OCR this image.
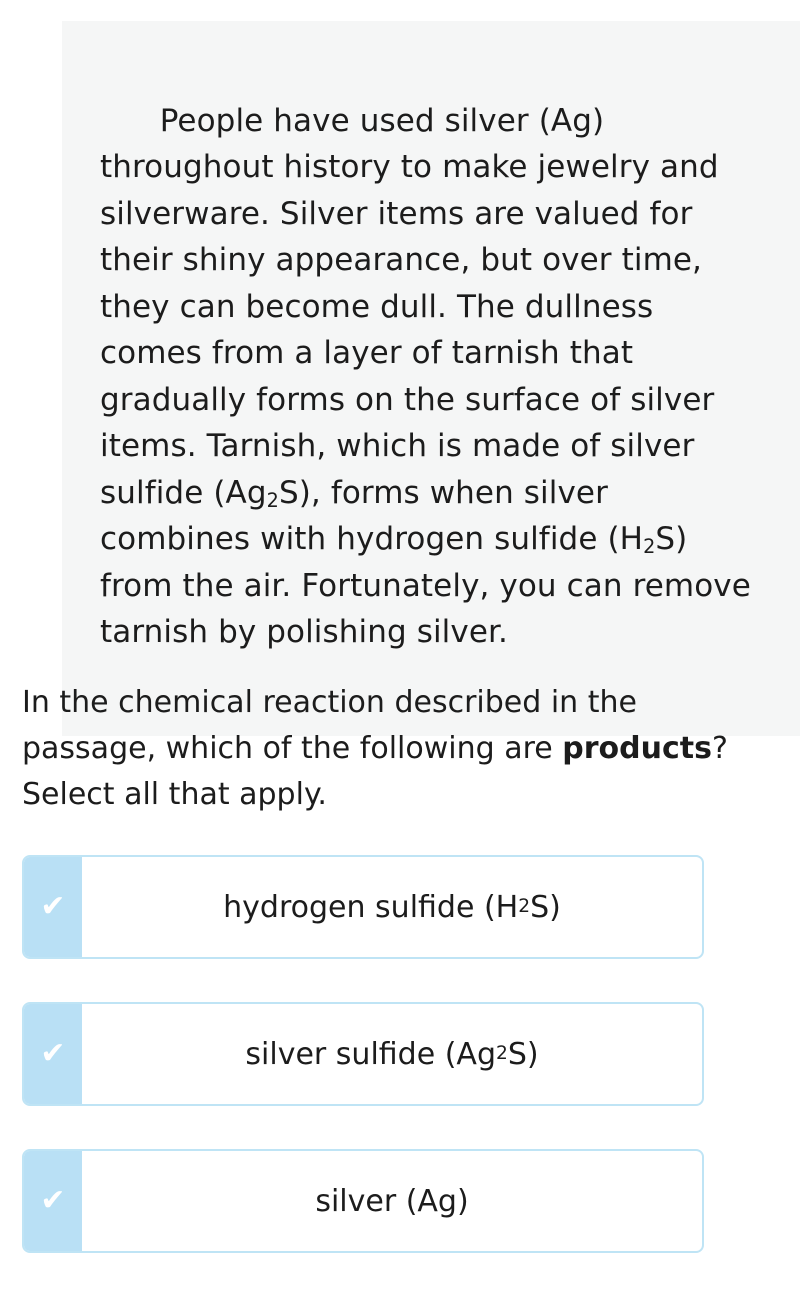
People have used silver (Ag) throughout history to make jewelry and silverware. Silver items are valued for their shiny appearance, but over time, they can become dull. The dullness comes from a layer of tarnish that gradually forms on the surface of silver items. Tarnish, which is made of silver sulfide $(Ag_2S)$, forms when silver combines with hydrogen sulfide $(H_2S)$ from the air. Fortunately, you can remove tarnish by polishing silver.

In the chemical reaction described in the passage, which of the following are products? Select all that apply.
✔	hydrogen sulfide (H 2 S)
✔	silver sulfide (Ag 2 S)
✔	silver (Ag)
